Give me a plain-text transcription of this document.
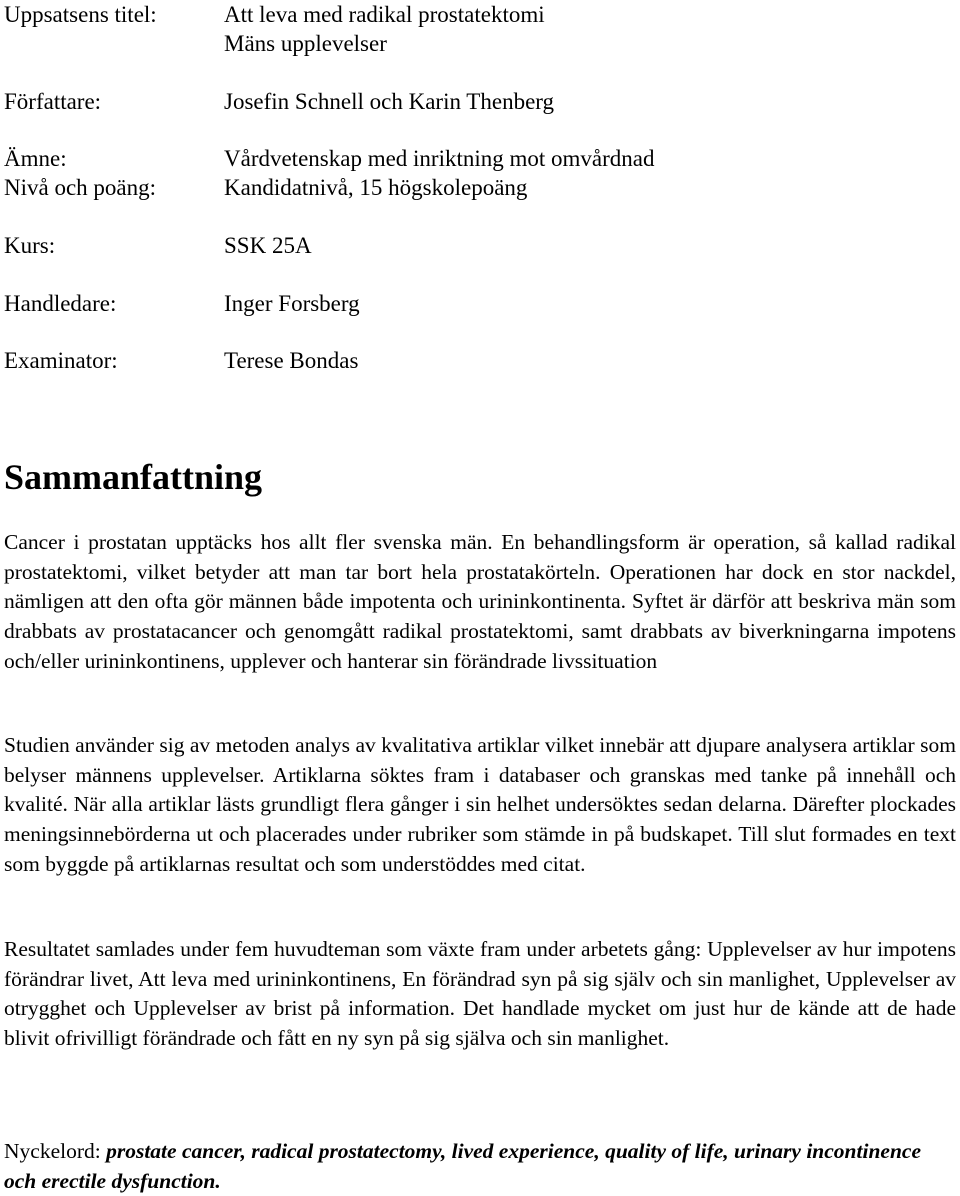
Uppsatsens titel:	Att leva med radikal prostatektomi
Mäns upplevelser
Författare:	Josefin Schnell och Karin Thenberg
Ämne:	Vårdvetenskap med inriktning mot omvårdnad
Nivå och poäng:	Kandidatnivå, 15 högskolepoäng
Kurs:	SSK 25A
Handledare:	Inger Forsberg
Examinator:	Terese Bondas
Sammanfattning

Cancer i prostatan upptäcks hos allt fler svenska män. En behandlingsform är operation, så kallad radikal prostatektomi, vilket betyder att man tar bort hela prostatakörteln. Operationen har dock en stor nackdel, nämligen att den ofta gör männen både impotenta och urininkontinenta. Syftet är därför att beskriva män som drabbats av prostatacancer och genomgått radikal prostatektomi, samt drabbats av biverkningarna impotens och/eller urininkontinens, upplever och hanterar sin förändrade livssituation

Studien använder sig av metoden analys av kvalitativa artiklar vilket innebär att djupare analysera artiklar som belyser männens upplevelser. Artiklarna söktes fram i databaser och granskas med tanke på innehåll och kvalité. När alla artiklar lästs grundligt flera gånger i sin helhet undersöktes sedan delarna. Därefter plockades meningsinnebörderna ut och placerades under rubriker som stämde in på budskapet. Till slut formades en text som byggde på artiklarnas resultat och som understöddes med citat.

Resultatet samlades under fem huvudteman som växte fram under arbetets gång: Upplevelser av hur impotens förändrar livet, Att leva med urininkontinens, En förändrad syn på sig själv och sin manlighet, Upplevelser av otrygghet och Upplevelser av brist på information. Det handlade mycket om just hur de kände att de hade blivit ofrivilligt förändrade och fått en ny syn på sig själva och sin manlighet.

Nyckelord: prostate cancer, radical prostatectomy, lived experience, quality of life, urinary incontinence och erectile dysfunction.
